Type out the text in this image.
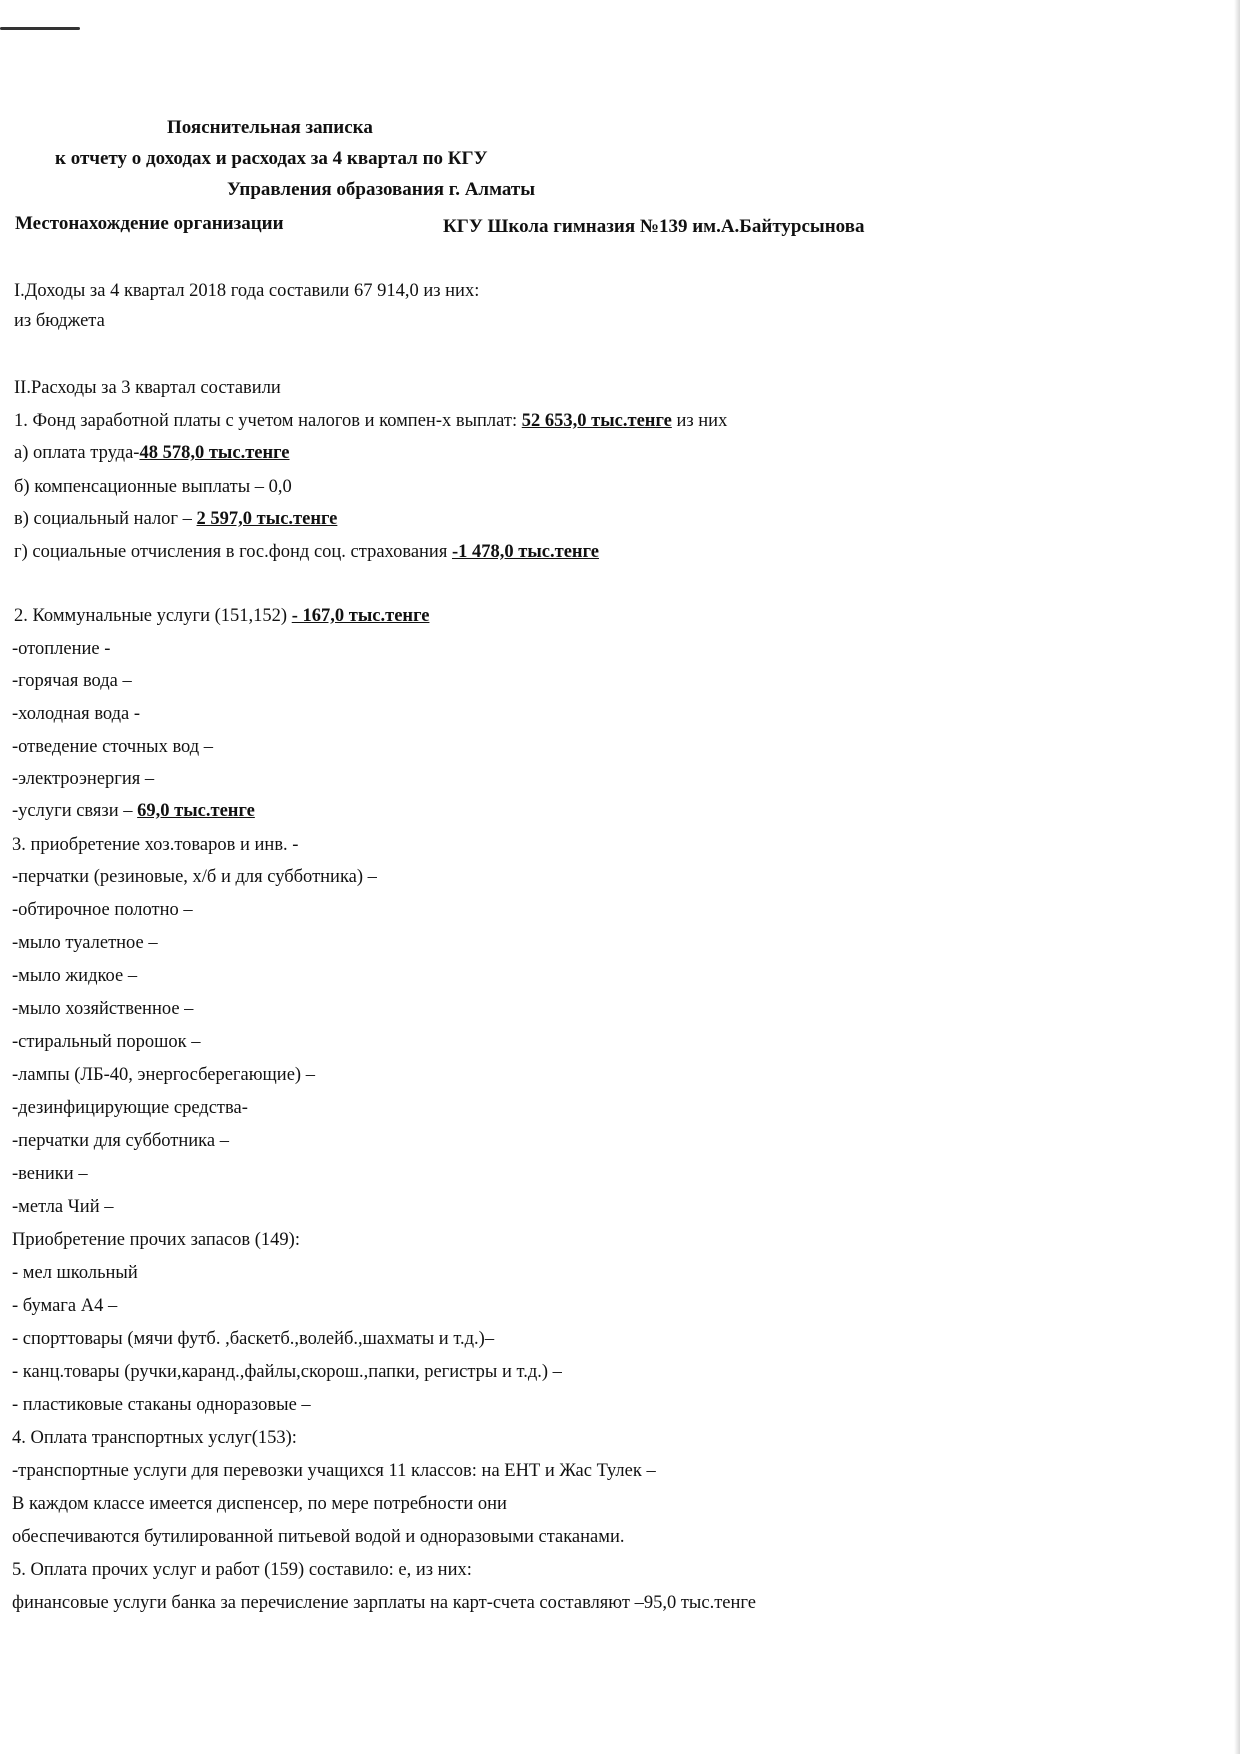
Пояснительная записка
к отчету о доходах и расходах за 4 квартал по КГУ
Управления образования г. Алматы
Местонахождение организации	КГУ Школа гимназия №139 им.А.Байтурсынова
I.Доходы за 4 квартал 2018 года составили 67 914,0 из них:
из бюджета
II.Расходы за 3 квартал составили
1. Фонд заработной платы с учетом налогов и компен-х выплат: 52 653,0 тыс.тенге из них
а) оплата труда-48 578,0 тыс.тенге
б) компенсационные выплаты – 0,0
в) социальный налог – 2 597,0 тыс.тенге
г) социальные отчисления в гос.фонд соц. страхования -1 478,0 тыс.тенге
2. Коммунальные услуги (151,152) - 167,0 тыс.тенге
-отопление -
-горячая вода –
-холодная вода -
-отведение сточных вод –
-электроэнергия –
-услуги связи – 69,0 тыс.тенге
3. приобретение хоз.товаров и инв. -
-перчатки (резиновые, х/б и для субботника) –
-обтирочное полотно –
-мыло туалетное –
-мыло жидкое –
-мыло хозяйственное –
-стиральный порошок –
-лампы (ЛБ-40, энергосберегающие) –
-дезинфицирующие средства-
-перчатки для субботника –
-веники –
-метла Чий –
Приобретение прочих запасов (149):
- мел школьный
- бумага А4 –
- спорттовары (мячи футб. ,баскетб.,волейб.,шахматы и т.д.)–
- канц.товары (ручки,каранд.,файлы,скорош.,папки, регистры и т.д.) –
- пластиковые стаканы одноразовые –
4. Оплата транспортных услуг(153):
-транспортные услуги для перевозки учащихся 11 классов: на ЕНТ и Жас Тулек –
В каждом классе имеется диспенсер, по мере потребности они
обеспечиваются бутилированной питьевой водой и одноразовыми стаканами.
5. Оплата прочих услуг и работ (159) составило: е, из них:
финансовые услуги банка за перечисление зарплаты на карт-счета составляют –95,0 тыс.тенге
